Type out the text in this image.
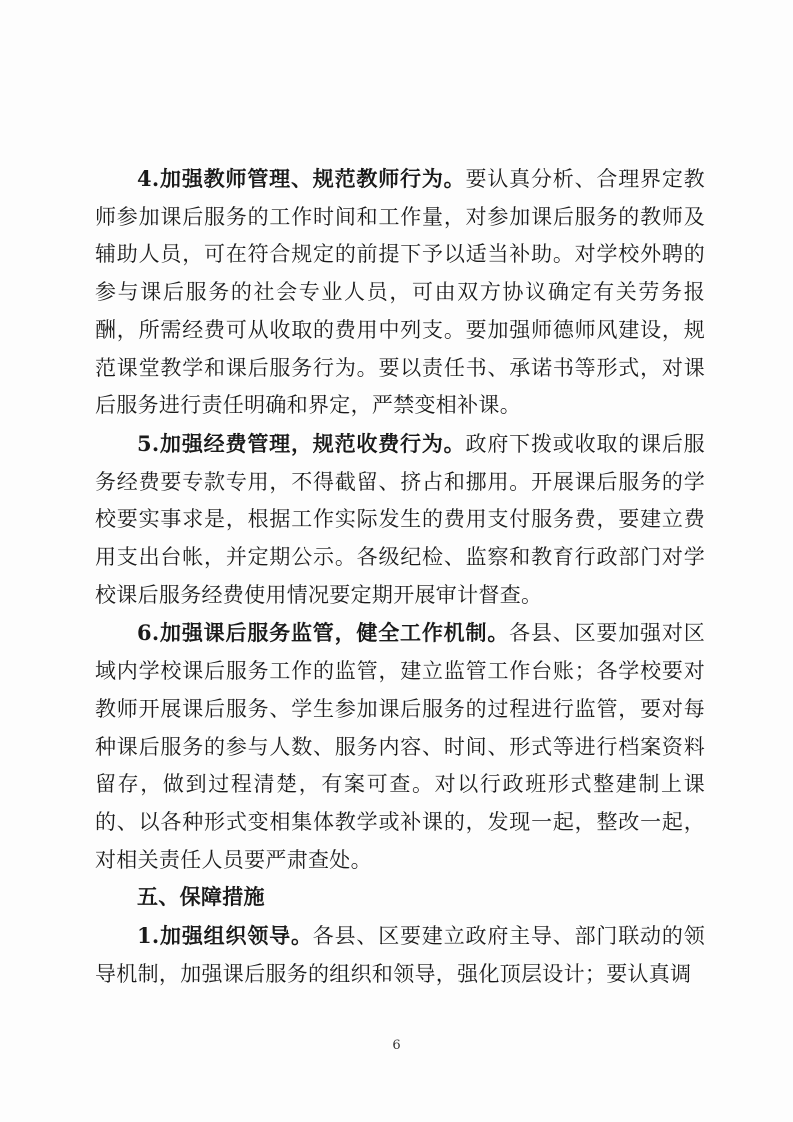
4.加强教师管理、规范教师行为。要认真分析、合理界定教师参加课后服务的工作时间和工作量，对参加课后服务的教师及辅助人员，可在符合规定的前提下予以适当补助。对学校外聘的参与课后服务的社会专业人员，可由双方协议确定有关劳务报酬，所需经费可从收取的费用中列支。要加强师德师风建设，规范课堂教学和课后服务行为。要以责任书、承诺书等形式，对课后服务进行责任明确和界定，严禁变相补课。

5.加强经费管理，规范收费行为。政府下拨或收取的课后服务经费要专款专用，不得截留、挤占和挪用。开展课后服务的学校要实事求是，根据工作实际发生的费用支付服务费，要建立费用支出台帐，并定期公示。各级纪检、监察和教育行政部门对学校课后服务经费使用情况要定期开展审计督查。

6.加强课后服务监管，健全工作机制。各县、区要加强对区域内学校课后服务工作的监管，建立监管工作台账；各学校要对教师开展课后服务、学生参加课后服务的过程进行监管，要对每种课后服务的参与人数、服务内容、时间、形式等进行档案资料留存，做到过程清楚，有案可查。对以行政班形式整建制上课的、以各种形式变相集体教学或补课的，发现一起，整改一起，对相关责任人员要严肃查处。

五、保障措施

1.加强组织领导。各县、区要建立政府主导、部门联动的领导机制，加强课后服务的组织和领导，强化顶层设计；要认真调

6
